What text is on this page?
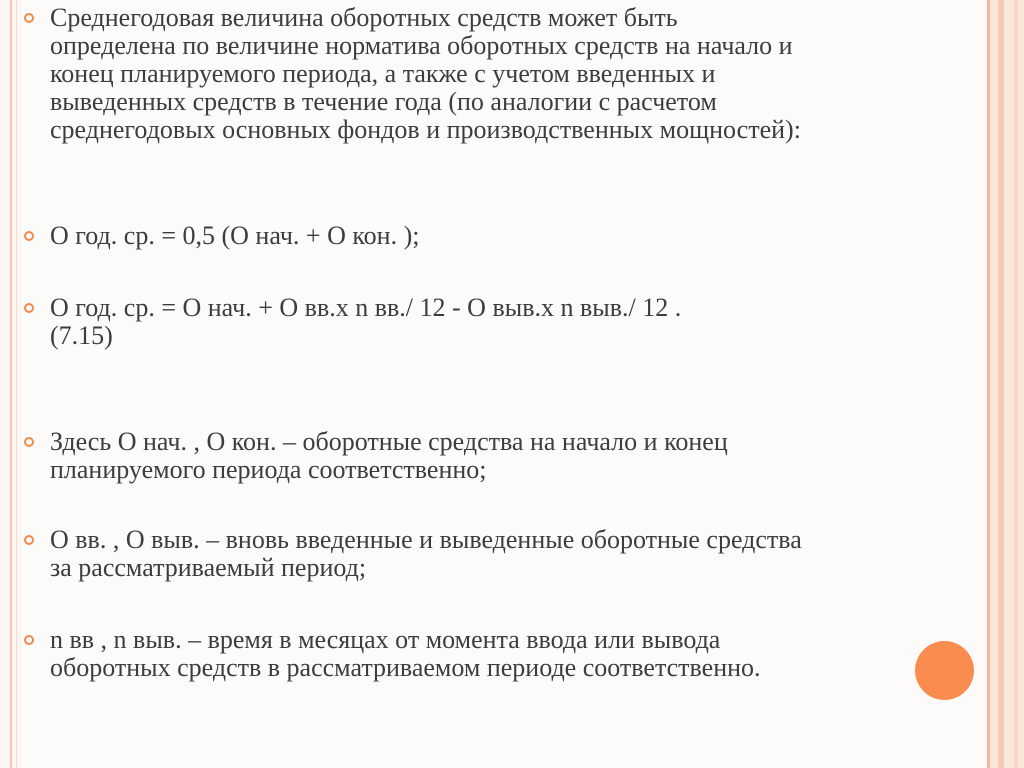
Среднегодовая величина оборотных средств может быть
определена по величине норматива оборотных средств на начало и
конец планируемого периода, а также с учетом введенных и
выведенных средств в течение года (по аналогии с расчетом
среднегодовых основных фондов и производственных мощностей):
О год. ср. = 0,5 (О нач. + О кон. );
О год. ср. = О нач. + О вв.х n вв./ 12 - О выв.х n выв./ 12 .
(7.15)
Здесь О нач. , О кон. – оборотные средства на начало и конец
планируемого периода соответственно;
О вв. , О выв. – вновь введенные и выведенные оборотные средства
за рассматриваемый период;
n вв , n выв. – время в месяцах от момента ввода или вывода
оборотных средств в рассматриваемом периоде соответственно.
